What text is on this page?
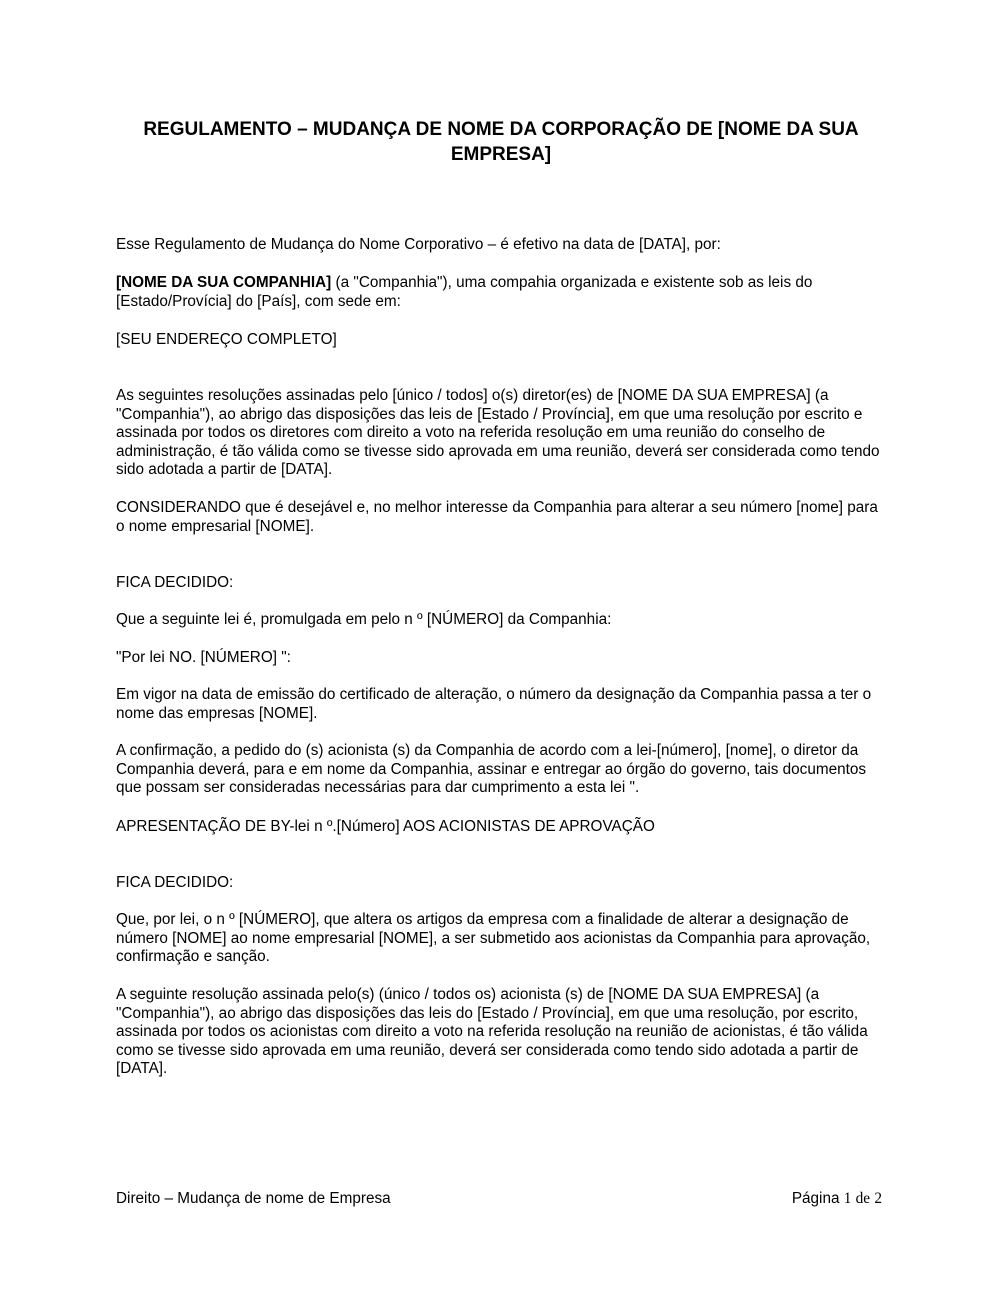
REGULAMENTO – MUDANÇA DE NOME DA CORPORAÇÃO DE [NOME DA SUA EMPRESA]

Esse Regulamento de Mudança do Nome Corporativo – é efetivo na data de [DATA], por:

[NOME DA SUA COMPANHIA] (a "Companhia"), uma compahia organizada e existente sob as leis do [Estado/Provícia] do [País], com sede em:

[SEU ENDEREÇO COMPLETO]

As seguintes resoluções assinadas pelo [único / todos] o(s) diretor(es) de [NOME DA SUA EMPRESA] (a "Companhia"), ao abrigo das disposições das leis de [Estado / Província], em que uma resolução por escrito e assinada por todos os diretores com direito a voto na referida resolução em uma reunião do conselho de administração, é tão válida como se tivesse sido aprovada em uma reunião, deverá ser considerada como tendo sido adotada a partir de [DATA].

CONSIDERANDO que é desejável e, no melhor interesse da Companhia para alterar a seu número [nome] para o nome empresarial [NOME].

FICA DECIDIDO:

Que a seguinte lei é, promulgada em pelo n º [NÚMERO] da Companhia:

"Por lei NO. [NÚMERO] ":

Em vigor na data de emissão do certificado de alteração, o número da designação da Companhia passa a ter o nome das empresas [NOME].

A confirmação, a pedido do (s) acionista (s) da Companhia de acordo com a lei-[número], [nome], o diretor da Companhia deverá, para e em nome da Companhia, assinar e entregar ao órgão do governo, tais documentos que possam ser consideradas necessárias para dar cumprimento a esta lei ".

APRESENTAÇÃO DE BY-lei n º.[Número] AOS ACIONISTAS DE APROVAÇÃO

FICA DECIDIDO:

Que, por lei, o n º [NÚMERO], que altera os artigos da empresa com a finalidade de alterar a designação de número [NOME] ao nome empresarial [NOME], a ser submetido aos acionistas da Companhia para aprovação, confirmação e sanção.

A seguinte resolução assinada pelo(s) (único / todos os) acionista (s) de [NOME DA SUA EMPRESA] (a "Companhia"), ao abrigo das disposições das leis do [Estado / Província], em que uma resolução, por escrito, assinada por todos os acionistas com direito a voto na referida resolução na reunião de acionistas, é tão válida como se tivesse sido aprovada em uma reunião, deverá ser considerada como tendo sido adotada a partir de [DATA].

Direito – Mudança de nome de Empresa	Página 1 de 2
